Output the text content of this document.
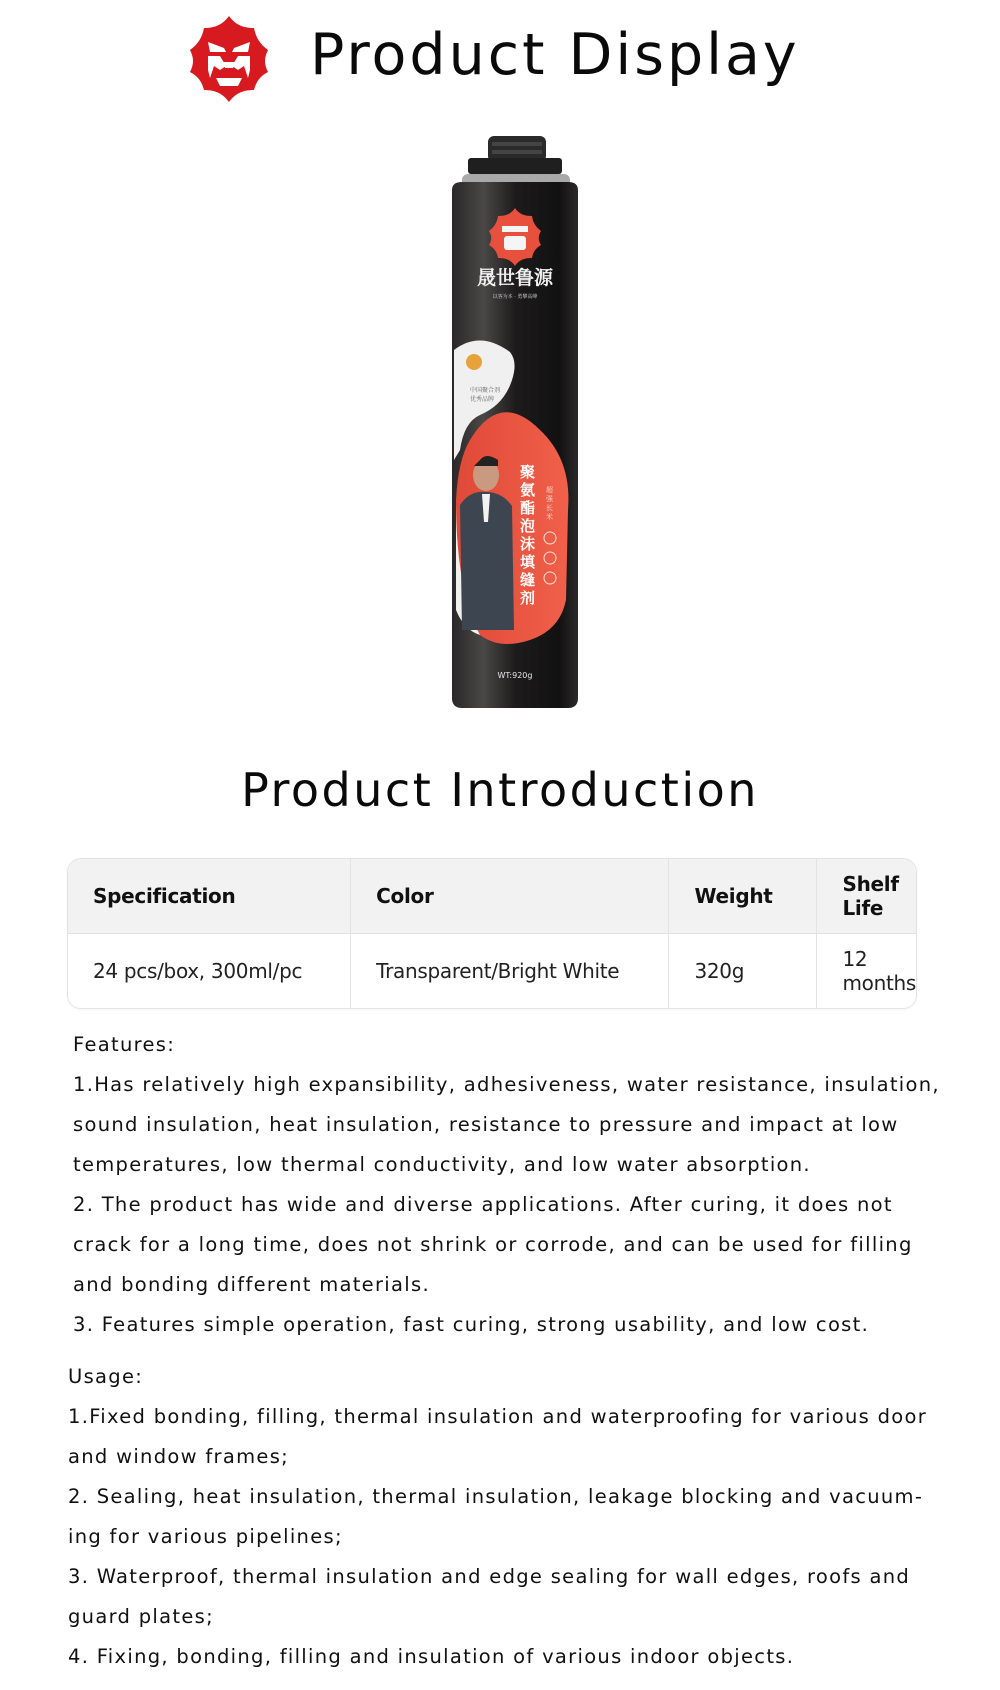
Product Display
晟世鲁源
以客为本 · 勇攀高峰
中国聚合剂
优秀品牌
聚 氨 酯 泡 沫 填 缝 剂
超 强 长 米
WT:920g
Product Introduction
Specification	Color	Weight	Shelf Life
24 pcs/box, 300ml/pc	Transparent/Bright White	320g	12 months
Features:
1.Has relatively high expansibility, adhesiveness, water resistance, insulation,
sound insulation, heat insulation, resistance to pressure and impact at low
temperatures, low thermal conductivity, and low water absorption.
2. The product has wide and diverse applications. After curing, it does not
crack for a long time, does not shrink or corrode, and can be used for filling
and bonding different materials.
3. Features simple operation, fast curing, strong usability, and low cost.
Usage:
1.Fixed bonding, filling, thermal insulation and waterproofing for various door
and window frames;
2. Sealing, heat insulation, thermal insulation, leakage blocking and vacuum-
ing for various pipelines;
3. Waterproof, thermal insulation and edge sealing for wall edges, roofs and
guard plates;
4. Fixing, bonding, filling and insulation of various indoor objects.
